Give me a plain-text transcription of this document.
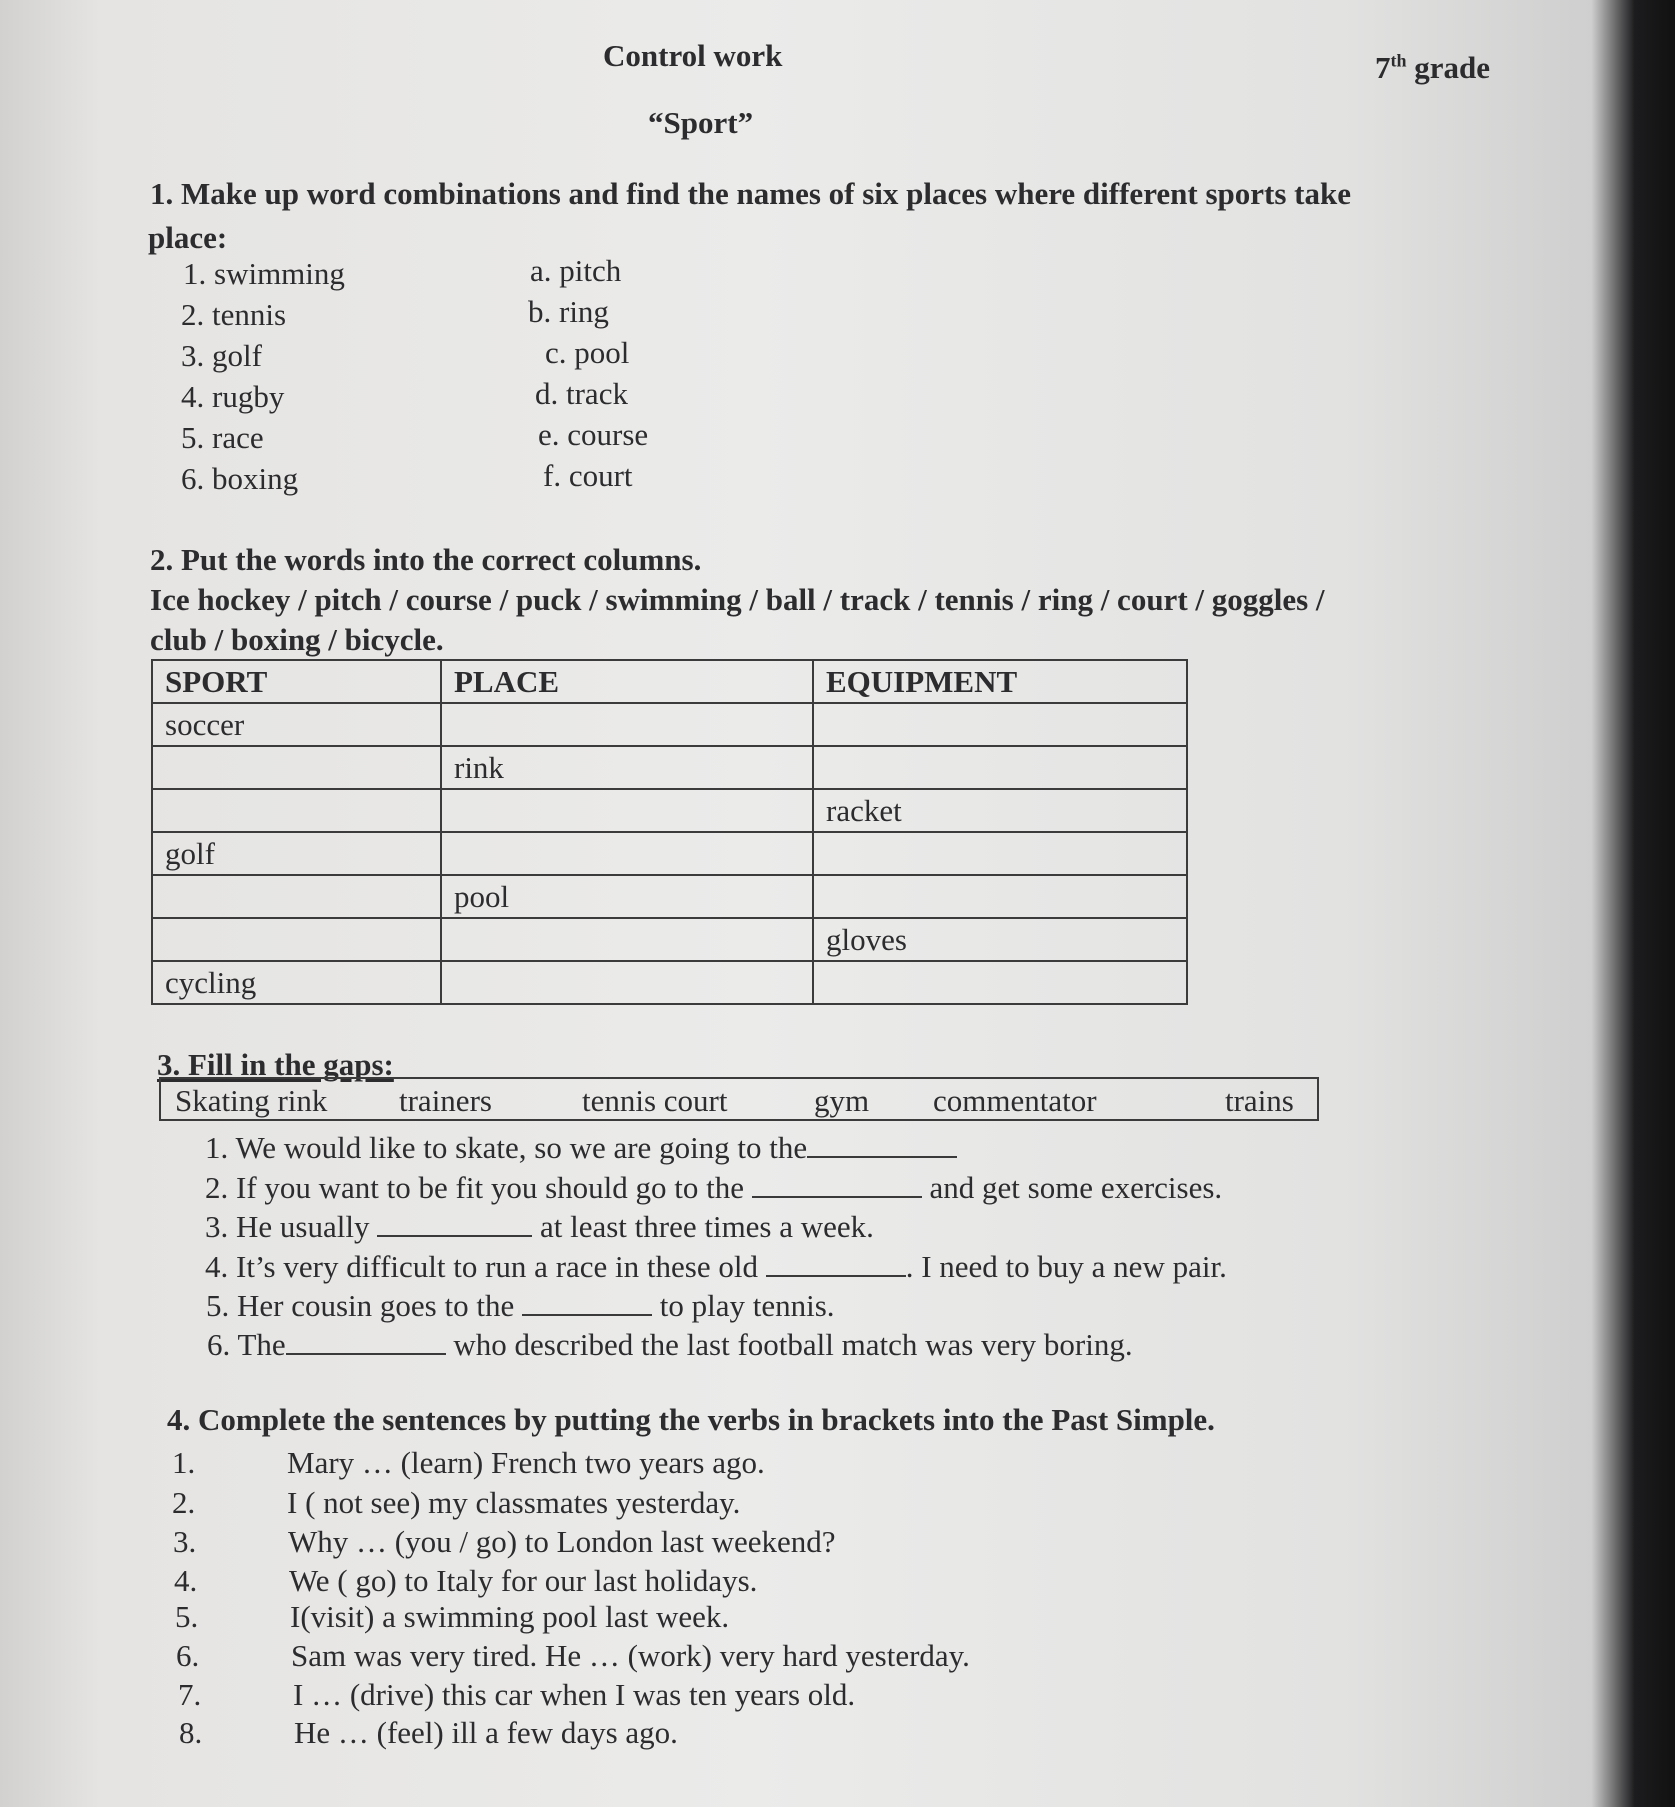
Control work	7th grade
“Sport”
1. Make up word combinations and find the names of six places where different sports take
place:
1. swimming
2. tennis
3. golf
4. rugby
5. race
6. boxing
a. pitch
b. ring
c. pool
d. track
e. course
f. court
2. Put the words into the correct columns.
Ice hockey / pitch / course / puck / swimming / ball / track / tennis / ring / court / goggles /
club / boxing / bicycle.
SPORT	PLACE	EQUIPMENT
soccer		
	rink	
		racket
golf		
	pool	
		gloves
cycling		
3. Fill in the gaps:
Skating rink trainers	tennis court	gym commentator	trains
1. We would like to skate, so we are going to the
2. If you want to be fit you should go to the	and get some exercises.
3. He usually	at least three times a week.
4. It’s very difficult to run a race in these old	. I need to buy a new pair.
5. Her cousin goes to the	to play tennis.
6. The	who described the last football match was very boring.
4. Complete the sentences by putting the verbs in brackets into the Past Simple.
1.	Mary … (learn) French two years ago.
2.	I ( not see) my classmates yesterday.
3.	Why … (you / go) to London last weekend?
4.	We ( go) to Italy for our last holidays.
5.	I(visit) a swimming pool last week.
6.	Sam was very tired. He … (work) very hard yesterday.
7.	I … (drive) this car when I was ten years old.
8.	He … (feel) ill a few days ago.
